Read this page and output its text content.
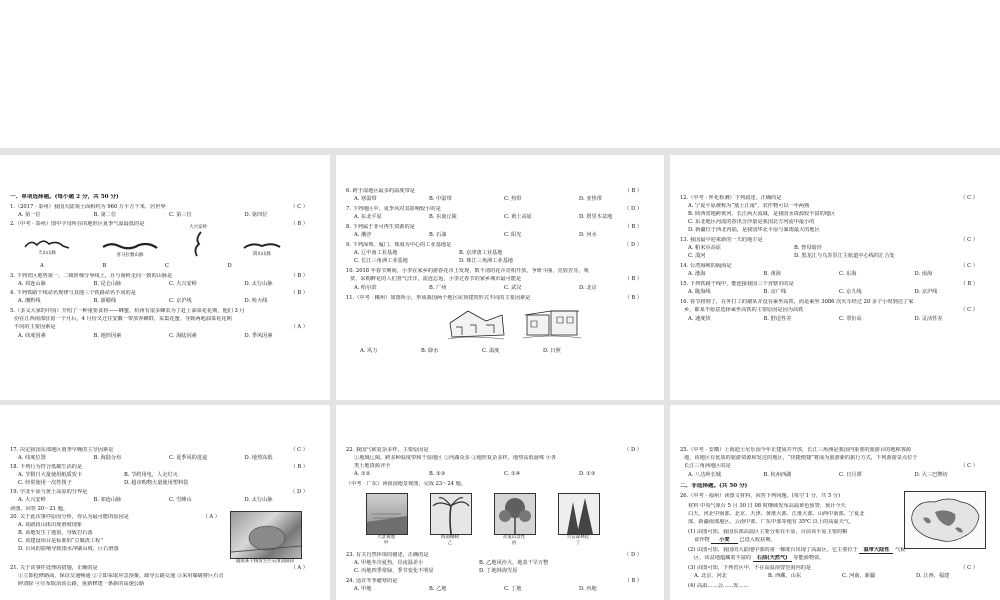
一、单项选择题。(每小题 2 分，共 50 分)
1.（2017 · 泰州）我国大陆领土面积约为 960 万平方千米，居世界	（ C ）
A. 第一位	B. 第二位	C. 第三位	D. 第四位
2.（中考 · 泰州）图中字母所在的地形区夏季气温最低的是	（ B ）
天山山脉	喜马拉雅山脉
大兴安岭
阴山山脉
A	B	C	D
3. 下列省区地势第一、二级阶梯分界线上，且与南岭走向一致的山脉是	（ B ）
A. 祁连山脉	B. 昆仑山脉	C. 大兴安岭	D. 太行山脉
4. 下列铁路干线命名规律与其他三个铁路命名不同的是	（ B ）
A. 湘黔线	B. 浙赣线	C. 京沪线	D. 哈大线
5.（多义大家的中国）介绍了一种重要食材——蜂蜜，杭州有很多蜂农为了赶上油菜花花期，他们 3 月
份在江西南部驻留一个月后，4 月份又迁往安徽一带放养蜂群，采集花蜜，导致两地油菜花花期
不同的主要因素是	（ A ）
A. 纬度因素	B. 地形因素	C. 海陆因素	D. 季风因素
6. 跨于湿地区最多的温度带是	（ B ）
A. 寒温带	B. 中温带	C. 热带	D. 亚热带
7. 下列地区中，夏季风对其影响较小的是	（ D ）
A. 东北平原	B. 东南丘陵	C. 黄土高原	D. 塔里木盆地
8. 下列属于非可再生资源的是	（ B ）
A. 潮汐	B. 石油	C. 阳光	D. 河水
9. 下列深圳、厦门、珠海为中心的工业基地是	（ D ）
A. 辽中南工业基地	B. 京津唐工业基地
C. 长江三角洲工业基地	D. 珠江三角洲工业基地
10. 2018 年春节期间，小李在家乡的游春花市上发现，数不清的花卉竞相开放，争妍斗丽，竞放芳芬，观
赏、采购鲜花的人们喜气洋洋，流连忘返，小李过春节的家乡城市最可能是	（ B ）
A. 哈尔滨	B. 广州	C. 武汉	D. 北京
11.（中考 · 郴州）如图所示，形成我国两个地区屋顶建筑形式不同的主要因素是	（ B ）
A. 风力	B. 降水	C. 温度	D. 日照
12.（中考 · 怀化检测）下列叙述，正确的是	（ C ）
A. 宁夏平原被称为“塞上江南”，农作物可以一年两熟
B. 陕西省地跨黄河、长江两大流域，是我国水资源较丰富的地区
C. 东北地区河流的春汛含沙量是我国北方河流中最小的
D. 新疆位于西北内陆，是我国华北平原与暴雨最大的地区
13. 我国最早迎来新的一天的地方是	（ C ）
A. 帕米尔高原	B. 曾母暗沙
C. 漠河	D. 黑龙江与乌苏里江主航道中心线的汇合处
14. 台湾海峡的隔海是	（ C ）
A. 渤海	B. 黄海	C. 东海	D. 南海
15. 下列铁路干线中，能连接我国三个直辖市的是	（ B ）
A. 陇海线	B. 京广线	C. 京九线	D. 京沪线
16. 春节将到了，在外打工的谢某并没有乘坐高铁，而是乘坐 3086 次火车经过 20 多个小时到达了家
乡，都某不愿意选择乘坐高铁的主要原因是因为高铁	（ C ）
A. 速度快	B. 舒适性差	C. 票价高	D. 灵活性差
17. 决定我国东部地区雨季早晚的主导因素是	（ C ）
A. 纬度位置	B. 海陆分布	C. 夏季风的进退	D. 地势高低
18. 下列行为符合低碳生活的是	（ B ）
A. 节假日大量使用纸质贺卡	B. 节约用电，人走灯灭
C. 经常使用一次性筷子	D. 超市购物大量使用塑料袋
19. 学北平原与黄土高原的分界是	（ D ）
A. 大兴安岭	B. 祁连山脉	C. 雪峰山	D. 太行山脉
读图，回答 20～21 题。
20. 关于此次事件原因分析，你认为最可能的原因是	（ A ）
A. 该路段山体出现滑坡现象
B. 该地发生了地震，导致岩石落
C. 该建设项目是标准的“豆腐渣工程”
D. 台风的影响导致雨水冲刷山坡，巨石滑落
越南某干线发生巨石滑落路段
21. 关于该事件处理的措施，正确的是	（ A ）
①立即抢修路面，保证交通畅通 ②立即采取应急预案，疏导公路交通 ③采用爆破将巨石击
碎清除 ④宣布取消该公路，重新修建一条新的高速公路
22. 我国气候复杂多样，主要原因是	（ D ）
①地域辽阔，跨多种温度带和干湿地区 ②河湖众多 ③地形复杂多样，地势高低悬殊 ④各
类土地资源齐全
A. ①②	B. ②③	C. ①④	D. ①③
（中考 · 广东）读我国地景观图，完成 23～24 题。
大景观地
甲
海南椰树
乙
赤道山景性
丙
兴安森林松
丁
23. 有关自然环境的描述，正确的是	（ D ）
A. 甲地冬冷夏热，昼夜温差小	B. 乙地风沙大，地表干旱万整
C. 丙地四季常绿，季节变化不明显	D. 丁地林海雪原
24. 适宜冬季避寒的是	（ B ）
A. 甲地	B. 乙地	C. 丁地	D. 丙地
25.（中考 · 安徽）上海迪士尼乐园今年正建成并开放，长江三角洲是我国内重要的旅游目的地和客源
地，该地区有优质的旅游资源和发达的地区，“快捷便捷”将成为旅游新的旅行方式，下列游游景点位于
长江三角洲地区的是	（ C ）
A. 八达岭长城	B. 杭州西湖	C. 日月潭	D. 大三巴牌坊
二、非选择题。(共 50 分)
26.（中考 · 福州）读图文材料，回答下列问题。(每空 1 分，共 5 分)
材料 中央气象台 5 月 30 日 08 时继续发布高温黄色预警，预计今天
白天，河北中南部、北京、天津、黄淮大部、江淮大部、山西中南部、宁夏北
部、新疆南部地区、云南中部、广东中部等地有 35℃ 以上的高温天气。
(1) 由图可知，我国东部高温区主要分布在平原，目前该平原主要的粮
食作物 小麦 已进入收获期。
(2) 由图可知，我国的大陆地中部的第一梯度台出现了高温区，它主要位于 温带大陆性 气候
区，该盆地蕴藏着丰富的 石油(天然气) 等能源物资。
(3) 由图可知，下列省区中，不在高温预警范围内的是	（ C ）
A. 北京、河北	B. 西藏、山东	C. 河南、新疆	D. 江西、福建
(4) 高温……会……发……
